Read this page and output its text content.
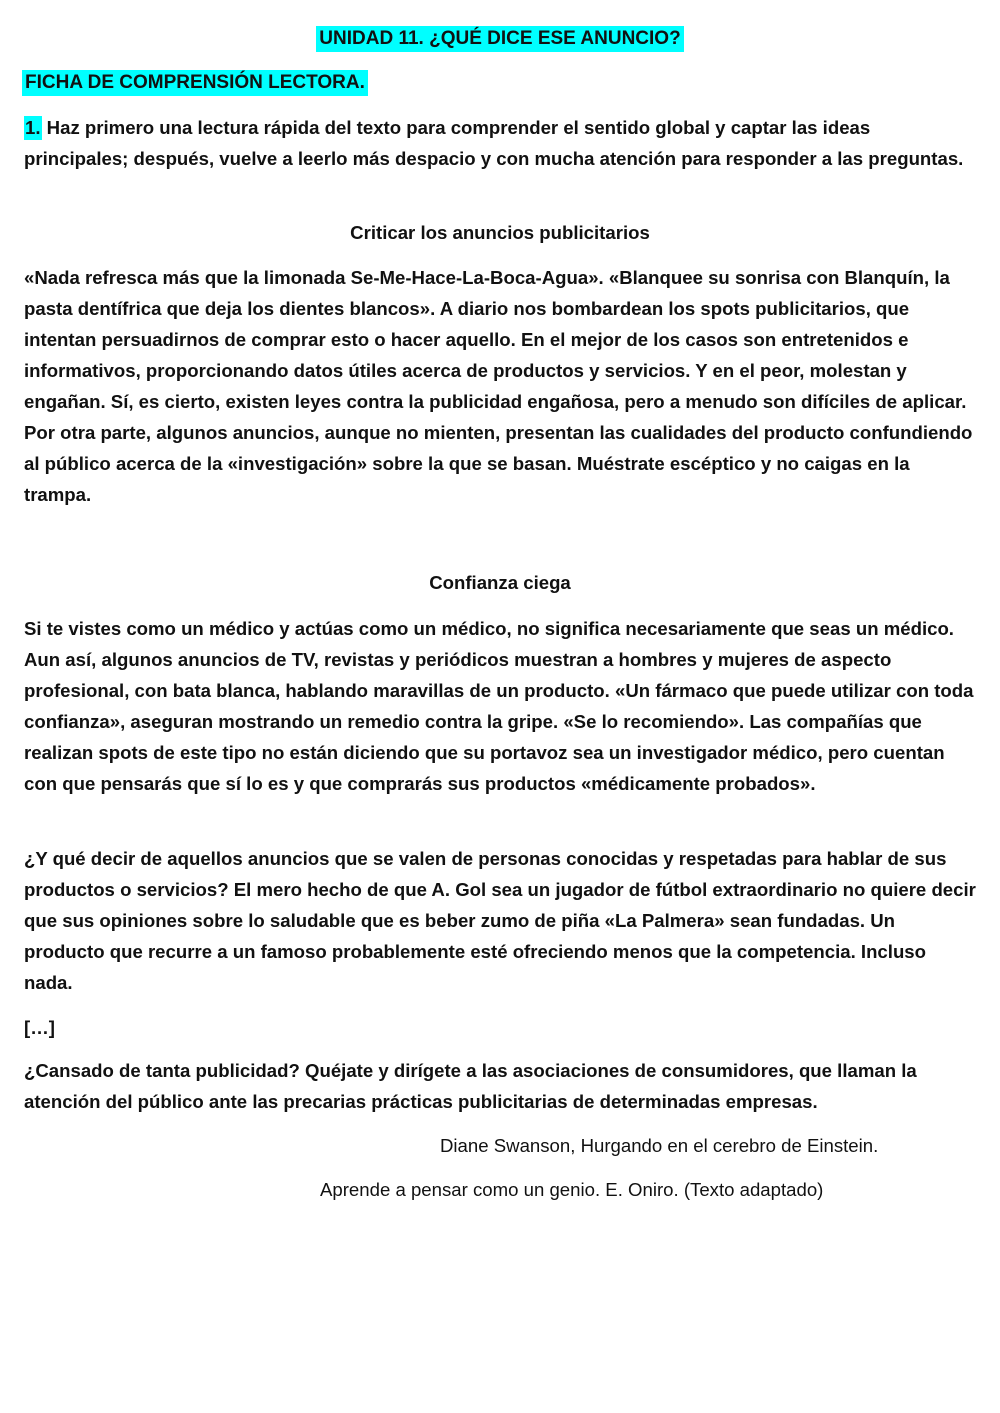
UNIDAD 11. ¿QUÉ DICE ESE ANUNCIO?
FICHA DE COMPRENSIÓN LECTORA.

1. Haz primero una lectura rápida del texto para comprender el sentido global y captar las ideas principales; después, vuelve a leerlo más despacio y con mucha atención para responder a las preguntas.

Criticar los anuncios publicitarios

«Nada refresca más que la limonada Se-Me-Hace-La-Boca-Agua». «Blanquee su sonrisa con Blanquín, la pasta dentífrica que deja los dientes blancos». A diario nos bombardean los spots publicitarios, que intentan persuadirnos de comprar esto o hacer aquello. En el mejor de los casos son entretenidos e informativos, proporcionando datos útiles acerca de productos y servicios. Y en el peor, molestan y engañan. Sí, es cierto, existen leyes contra la publicidad engañosa, pero a menudo son difíciles de aplicar. Por otra parte, algunos anuncios, aunque no mienten, presentan las cualidades del producto confundiendo al público acerca de la «investigación» sobre la que se basan. Muéstrate escéptico y no caigas en la trampa.

Confianza ciega

Si te vistes como un médico y actúas como un médico, no significa necesariamente que seas un médico. Aun así, algunos anuncios de TV, revistas y periódicos muestran a hombres y mujeres de aspecto profesional, con bata blanca, hablando maravillas de un producto. «Un fármaco que puede utilizar con toda confianza», aseguran mostrando un remedio contra la gripe. «Se lo recomiendo». Las compañías que realizan spots de este tipo no están diciendo que su portavoz sea un investigador médico, pero cuentan con que pensarás que sí lo es y que comprarás sus productos «médicamente probados».

¿Y qué decir de aquellos anuncios que se valen de personas conocidas y respetadas para hablar de sus productos o servicios? El mero hecho de que A. Gol sea un jugador de fútbol extraordinario no quiere decir que sus opiniones sobre lo saludable que es beber zumo de piña «La Palmera» sean fundadas. Un producto que recurre a un famoso probablemente esté ofreciendo menos que la competencia. Incluso nada.

[…]

¿Cansado de tanta publicidad? Quéjate y dirígete a las asociaciones de consumidores, que llaman la atención del público ante las precarias prácticas publicitarias de determinadas empresas.

Diane Swanson, Hurgando en el cerebro de Einstein.
Aprende a pensar como un genio. E. Oniro. (Texto adaptado)
